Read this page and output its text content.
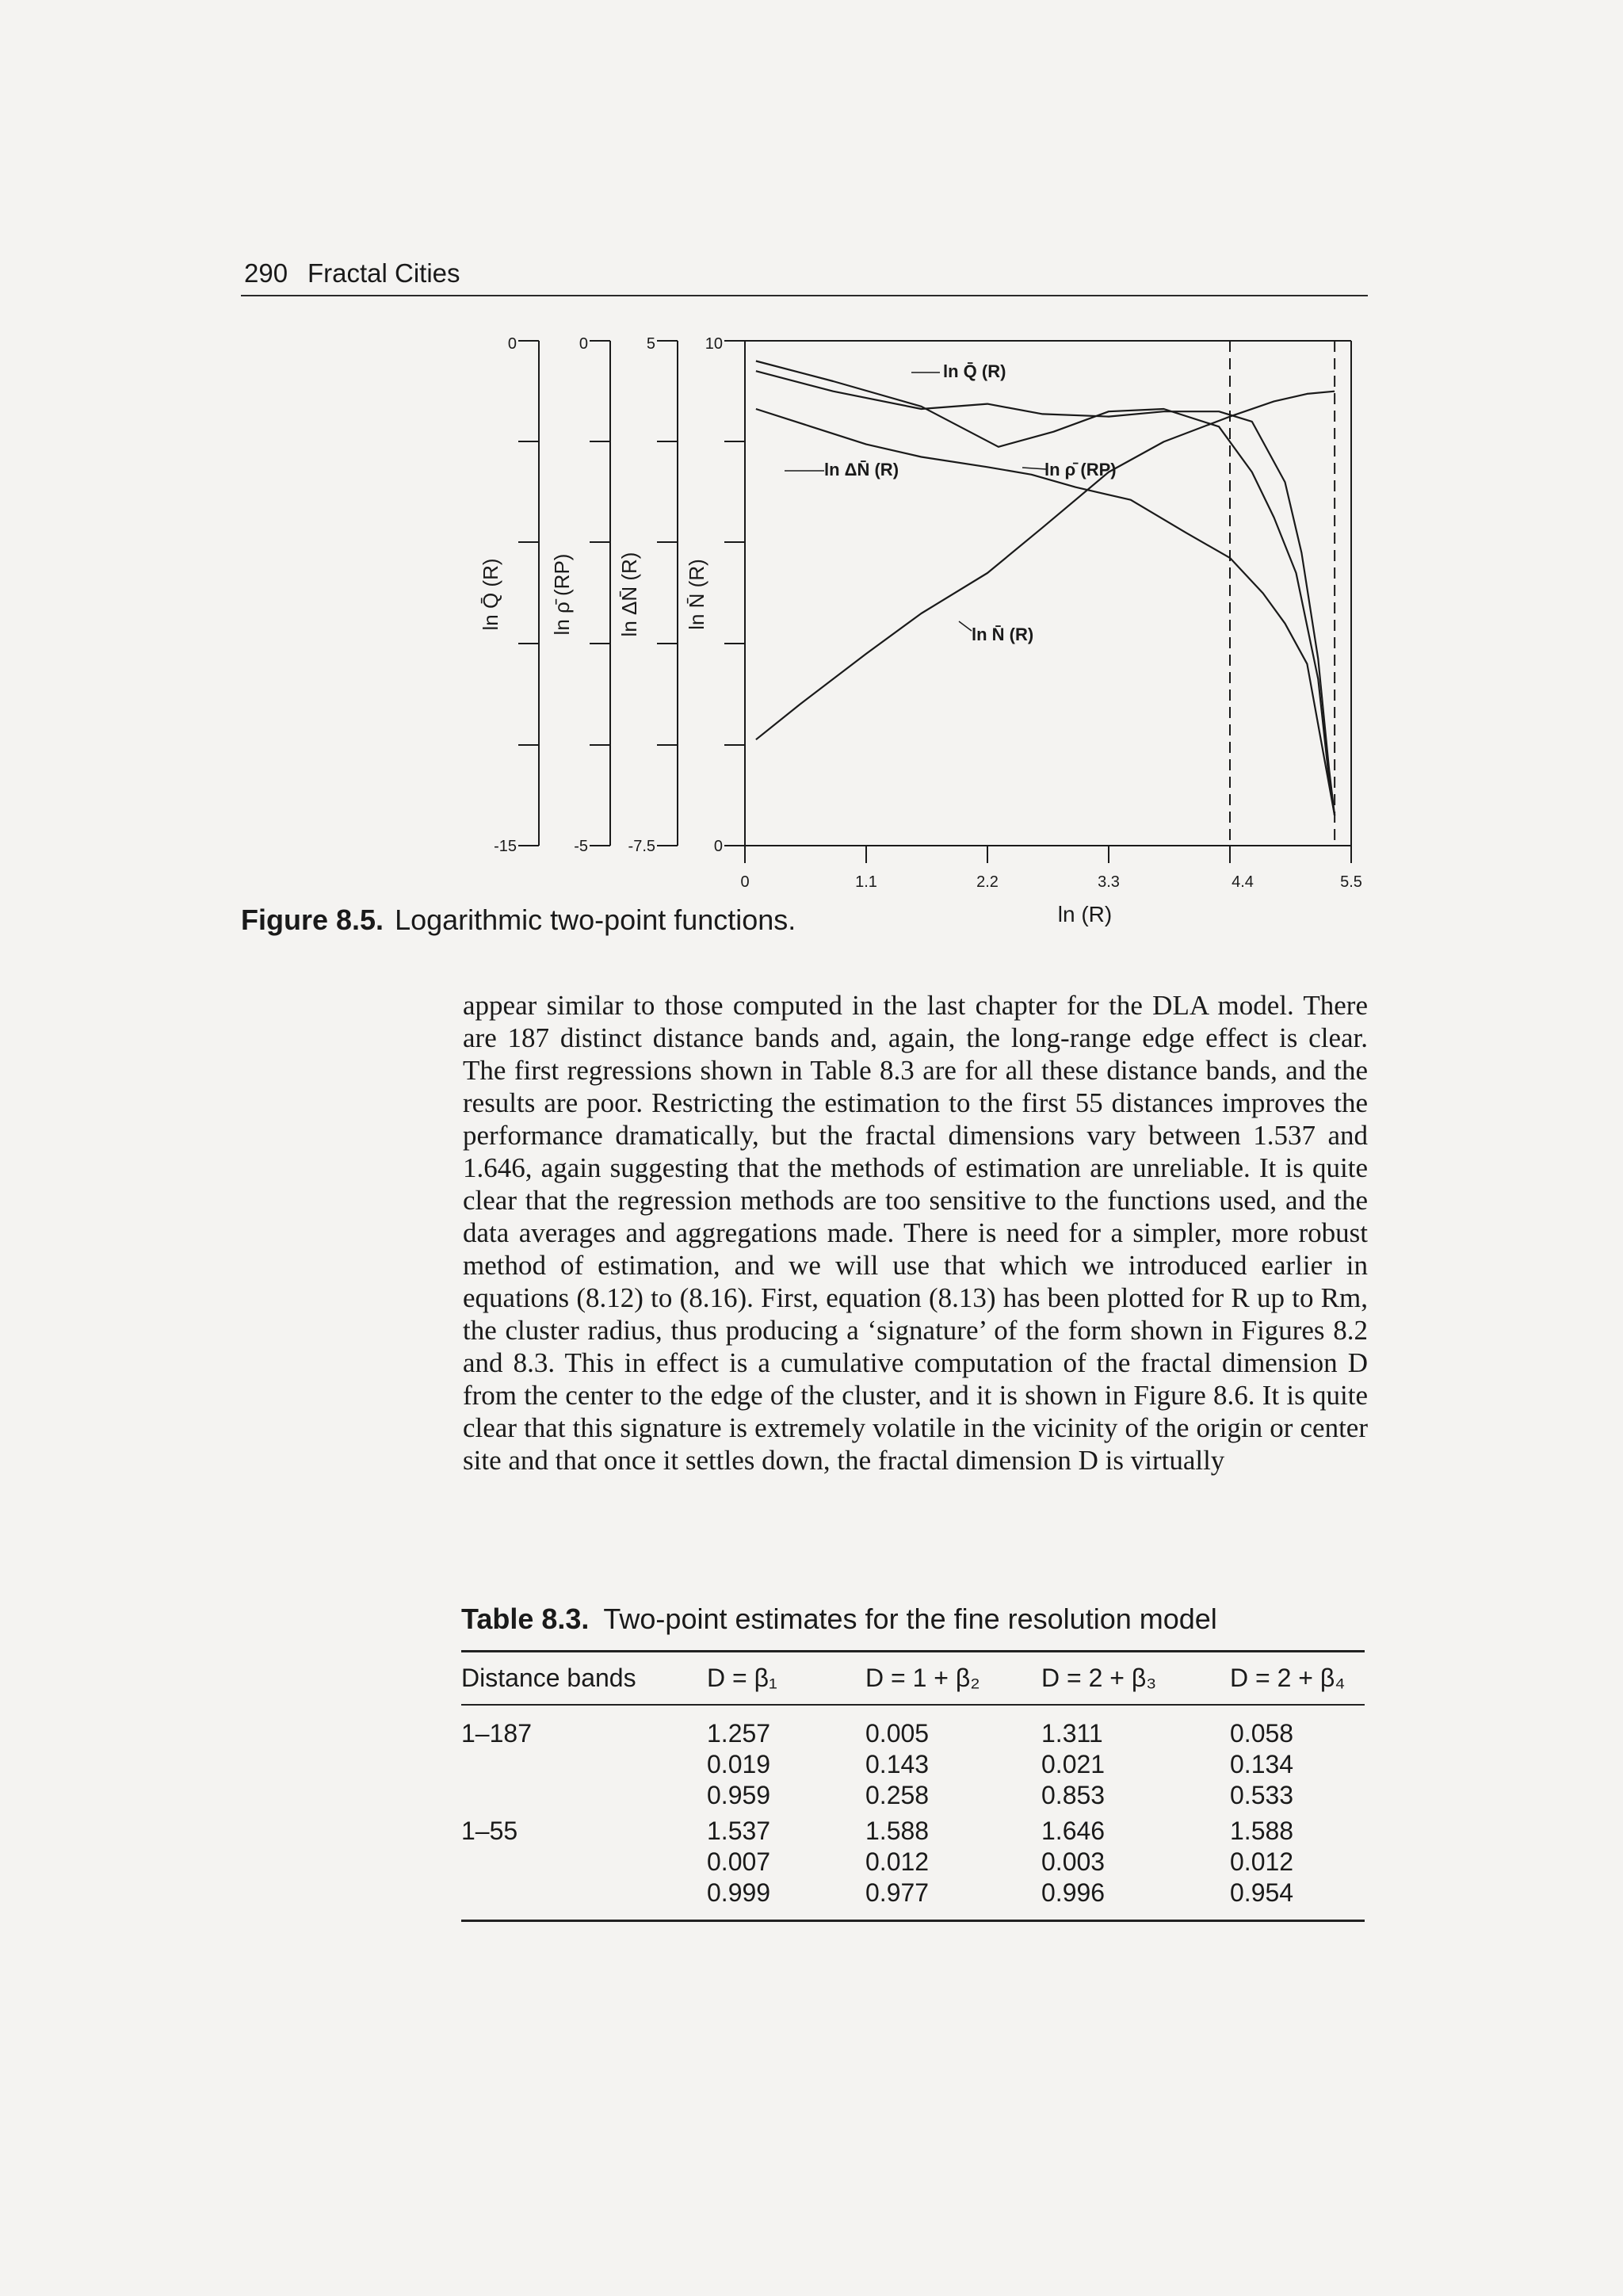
290 Fractal Cities
0
-15
ln Q̄ (R)
0
-5
ln ρ̄ (RP)
5
-7.5
ln ΔN̄ (R)
10
0
ln N̄ (R)
ln Q̄ (R)
ln ΔN̄ (R)	ln ρ̄ (RP)
ln N̄ (R)
0	1.1	2.2	3.3	4.4	5.5
ln (R)
Figure 8.5. Logarithmic two-point functions.

appear similar to those computed in the last chapter for the DLA model. There are 187 distinct distance bands and, again, the long-range edge effect is clear. The first regressions shown in Table 8.3 are for all these distance bands, and the results are poor. Restricting the estimation to the first 55 distances improves the performance dramatically, but the fractal dimensions vary between 1.537 and 1.646, again suggesting that the methods of estimation are unreliable. It is quite clear that the regression methods are too sensitive to the functions used, and the data averages and aggregations made. There is need for a simpler, more robust method of estimation, and we will use that which we introduced earlier in equations (8.12) to (8.16). First, equation (8.13) has been plotted for R up to Rm, the cluster radius, thus producing a ‘signature’ of the form shown in Figures 8.2 and 8.3. This in effect is a cumulative computation of the fractal dimension D from the center to the edge of the cluster, and it is shown in Figure 8.6. It is quite clear that this signature is extremely volatile in the vicinity of the origin or center site and that once it settles down, the fractal dimension D is virtually

Table 8.3. Two-point estimates for the fine resolution model
Distance bands	D = β₁	D = 1 + β₂	D = 2 + β₃	D = 2 + β₄
1–187	1.257	0.005	1.311	0.058
	0.019	0.143	0.021	0.134
	0.959	0.258	0.853	0.533
1–55	1.537	1.588	1.646	1.588
	0.007	0.012	0.003	0.012
	0.999	0.977	0.996	0.954
